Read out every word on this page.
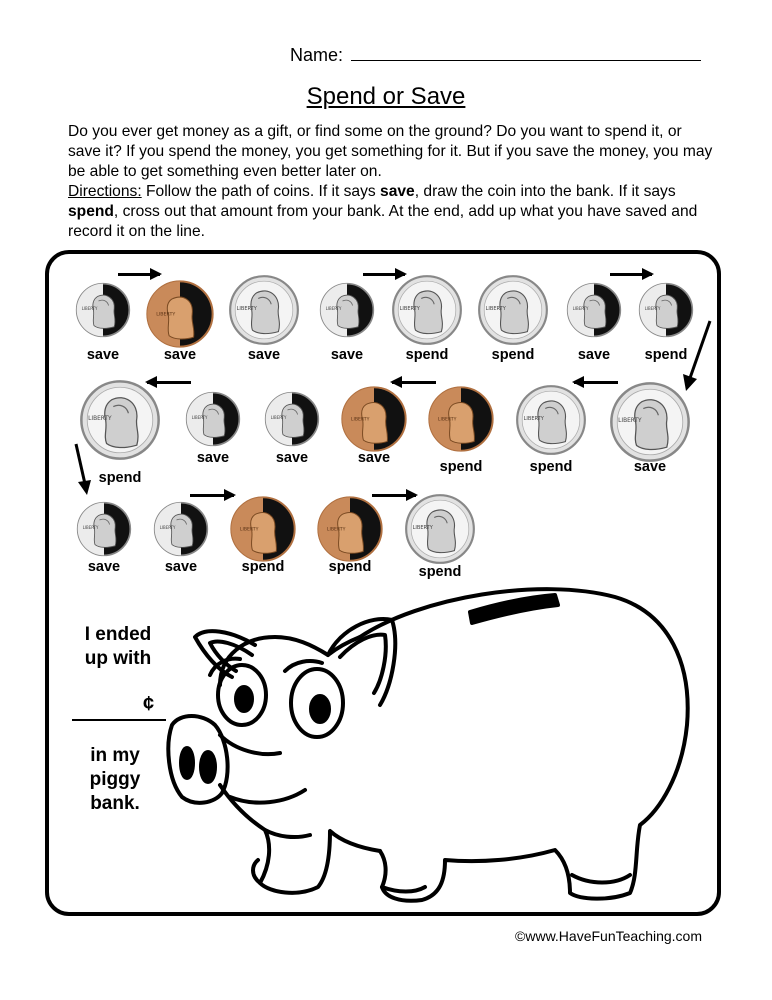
Name:
Spend or Save
Do you ever get money as a gift, or find some on the ground? Do you want to spend it, or save it? If you spend the money, you get something for it. But if you save the money, you may be able to get something even better later on.
Directions: Follow the path of coins. If it says save, draw the coin into the bank. If it says spend, cross out that amount from your bank. At the end, add up what you have saved and record it on the line.
LIBERTY
save
LIBERTY
save
LIBERTY
save
LIBERTY
save
LIBERTY
spend
LIBERTY
spend
LIBERTY
save
LIBERTY
spend
LIBERTY
save
LIBERTY
spend
LIBERTY
spend
LIBERTY
save
LIBERTY
save
LIBERTY
save
LIBERTY
spend
LIBERTY
save
LIBERTY
save
LIBERTY
spend
LIBERTY
spend
LIBERTY
spend
I ended
up with
¢
in my
piggy
bank.
©www.HaveFunTeaching.com
